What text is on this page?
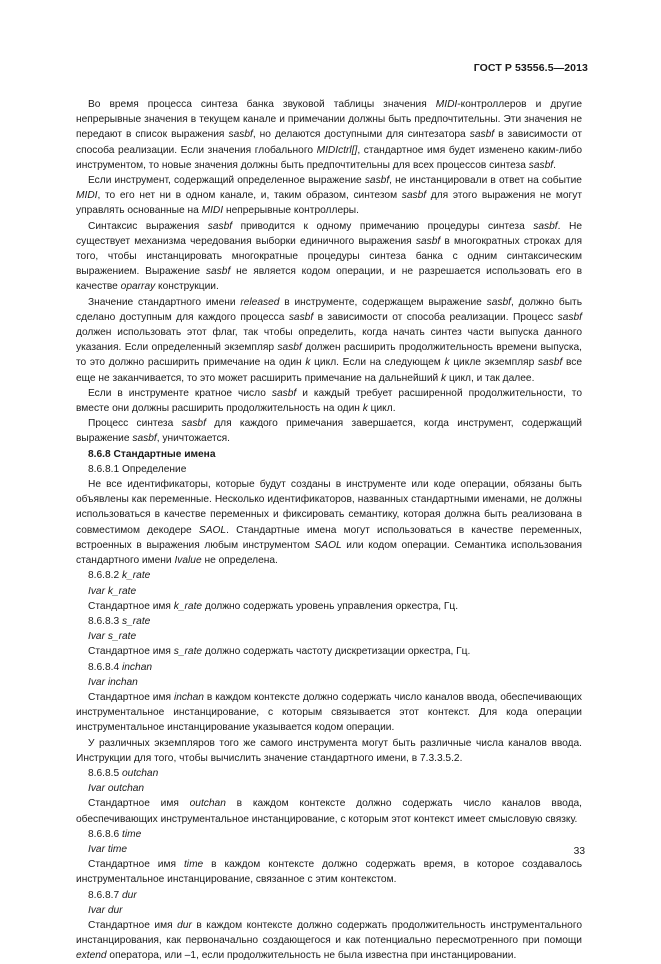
ГОСТ Р 53556.5—2013
Во время процесса синтеза банка звуковой таблицы значения MIDI-контроллеров и другие непрерывные значения в текущем канале и примечании должны быть предпочтительны. Эти значения не передают в список выражения sasbf, но делаются доступными для синтезатора sasbf в зависимости от способа реализации. Если значения глобального MIDIctrl[], стандартное имя будет изменено каким-либо инструментом, то новые значения должны быть предпочтительны для всех процессов синтеза sasbf.
Если инструмент, содержащий определенное выражение sasbf, не инстанцировали в ответ на событие MIDI, то его нет ни в одном канале, и, таким образом, синтезом sasbf для этого выражения не могут управлять основанные на MIDI непрерывные контроллеры.
Синтаксис выражения sasbf приводится к одному примечанию процедуры синтеза sasbf. Не существует механизма чередования выборки единичного выражения sasbf в многократных строках для того, чтобы инстанцировать многократные процедуры синтеза банка с одним синтаксическим выражением. Выражение sasbf не является кодом операции, и не разрешается использовать его в качестве oparray конструкции.
Значение стандартного имени released в инструменте, содержащем выражение sasbf, должно быть сделано доступным для каждого процесса sasbf в зависимости от способа реализации. Процесс sasbf должен использовать этот флаг, так чтобы определить, когда начать синтез части выпуска данного указания. Если определенный экземпляр sasbf должен расширить продолжительность времени выпуска, то это должно расширить примечание на один k цикл. Если на следующем k цикле экземпляр sasbf все еще не заканчивается, то это может расширить примечание на дальнейший k цикл, и так далее.
Если в инструменте кратное число sasbf и каждый требует расширенной продолжительности, то вместе они должны расширить продолжительность на один k цикл.
Процесс синтеза sasbf для каждого примечания завершается, когда инструмент, содержащий выражение sasbf, уничтожается.
8.6.8 Стандартные имена
8.6.8.1 Определение
Не все идентификаторы, которые будут созданы в инструменте или коде операции, обязаны быть объявлены как переменные. Несколько идентификаторов, названных стандартными именами, не должны использоваться в качестве переменных и фиксировать семантику, которая должна быть реализована в совместимом декодере SAOL. Стандартные имена могут использоваться в качестве переменных, встроенных в выражения любым инструментом SAOL или кодом операции. Семантика использования стандартного имени Ivalue не определена.
8.6.8.2 k_rate
Ivar k_rate
Стандартное имя k_rate должно содержать уровень управления оркестра, Гц.
8.6.8.3 s_rate
Ivar s_rate
Стандартное имя s_rate должно содержать частоту дискретизации оркестра, Гц.
8.6.8.4 inchan
Ivar inchan
Стандартное имя inchan в каждом контексте должно содержать число каналов ввода, обеспечивающих инструментальное инстанцирование, с которым связывается этот контекст. Для кода операции инструментальное инстанцирование указывается кодом операции.
У различных экземпляров того же самого инструмента могут быть различные числа каналов ввода. Инструкции для того, чтобы вычислить значение стандартного имени, в 7.3.3.5.2.
8.6.8.5 outchan
Ivar outchan
Стандартное имя outchan в каждом контексте должно содержать число каналов ввода, обеспечивающих инструментальное инстанцирование, с которым этот контекст имеет смысловую связку.
8.6.8.6 time
Ivar time
Стандартное имя time в каждом контексте должно содержать время, в которое создавалось инструментальное инстанцирование, связанное с этим контекстом.
8.6.8.7 dur
Ivar dur
Стандартное имя dur в каждом контексте должно содержать продолжительность инструментального инстанцирования, как первоначально создающегося и как потенциально пересмотренного при помощи extend оператора, или –1, если продолжительность не была известна при инстанцировании.
33
